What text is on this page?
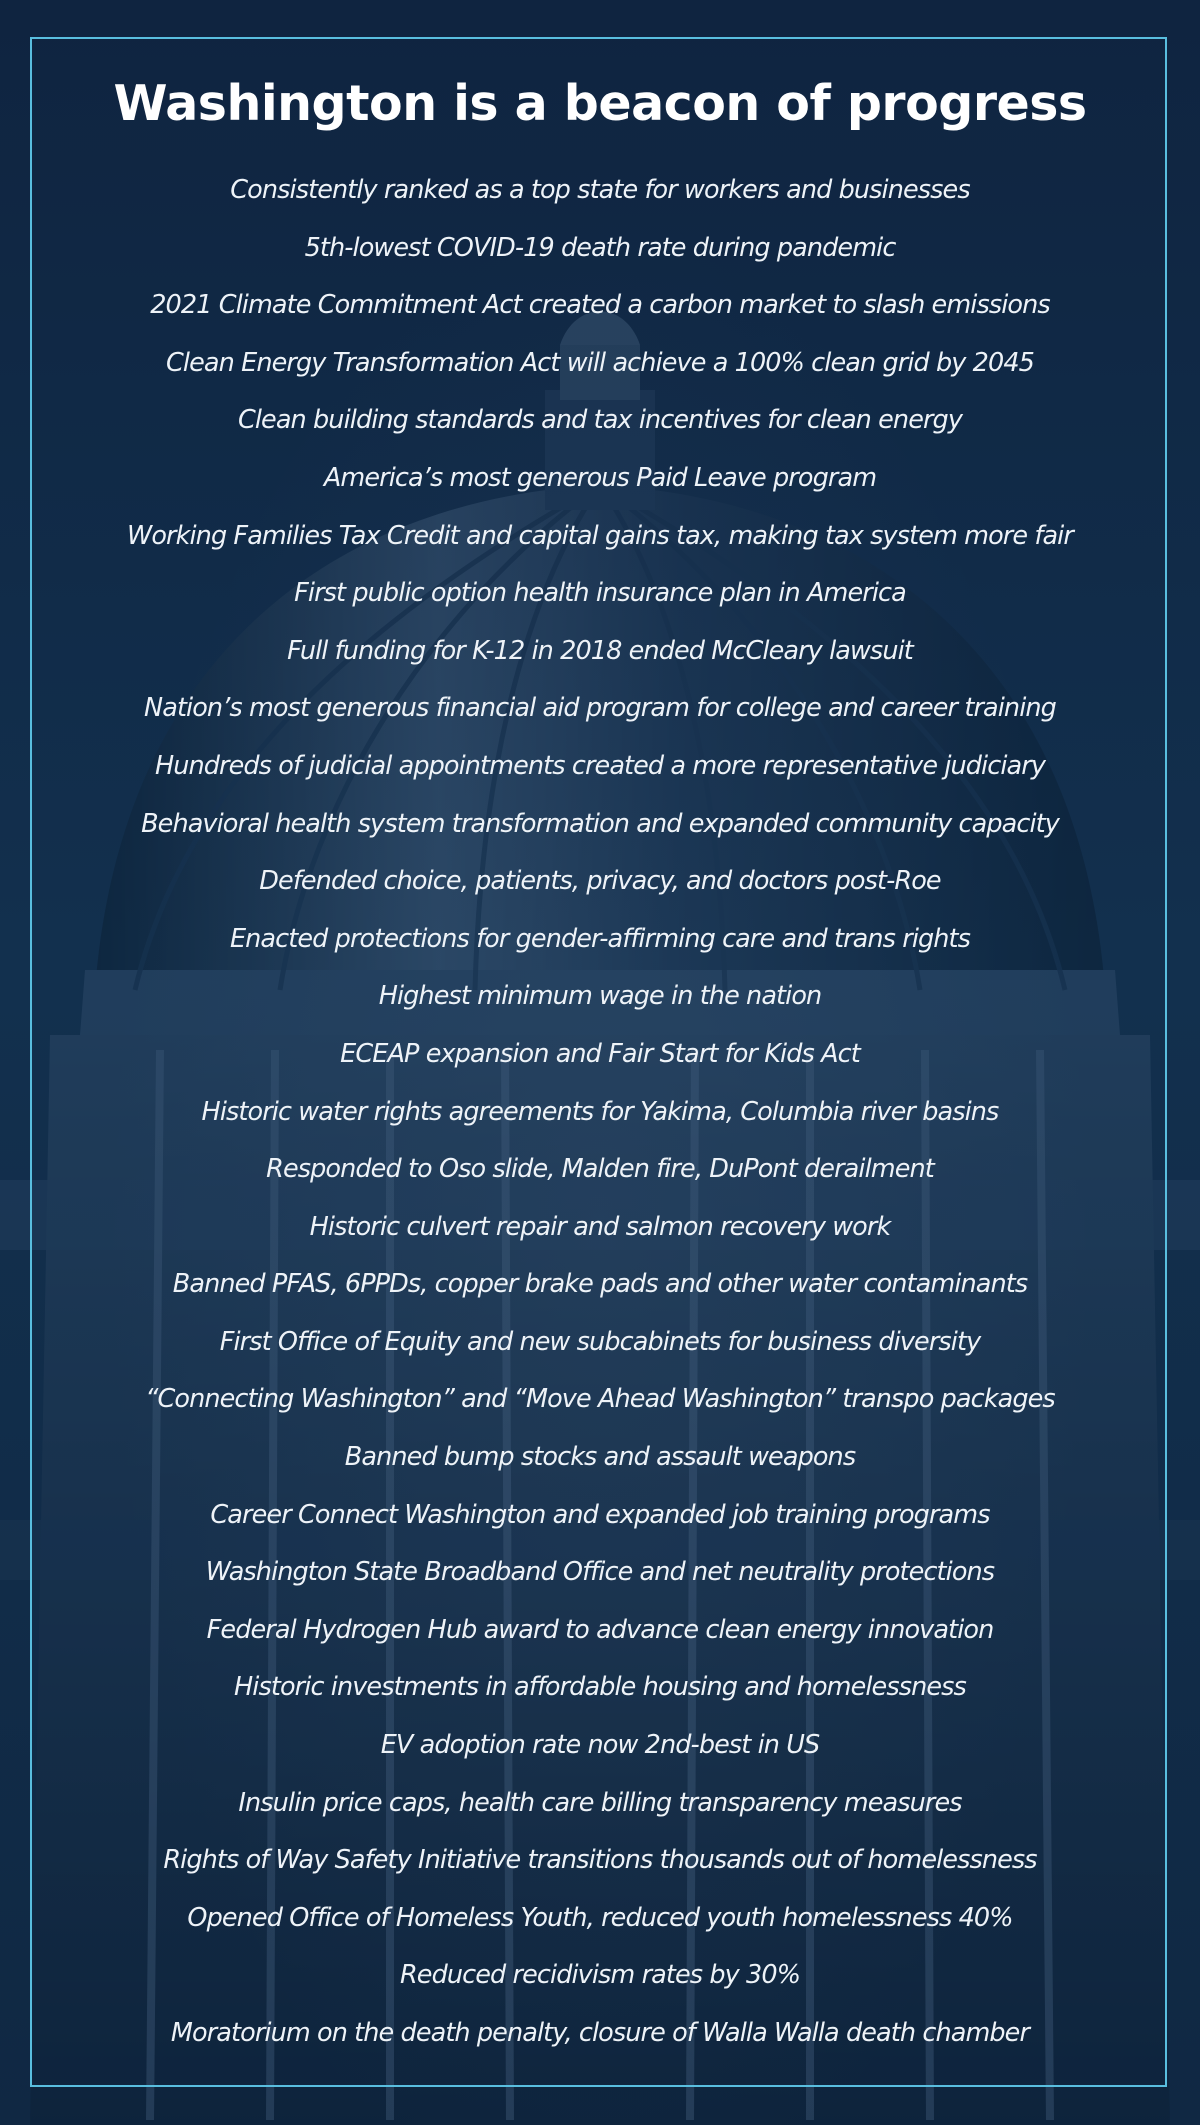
Washington is a beacon of progress
Consistently ranked as a top state for workers and businesses
5th-lowest COVID-19 death rate during pandemic
2021 Climate Commitment Act created a carbon market to slash emissions
Clean Energy Transformation Act will achieve a 100% clean grid by 2045
Clean building standards and tax incentives for clean energy
America’s most generous Paid Leave program
Working Families Tax Credit and capital gains tax, making tax system more fair
First public option health insurance plan in America
Full funding for K-12 in 2018 ended McCleary lawsuit
Nation’s most generous financial aid program for college and career training
Hundreds of judicial appointments created a more representative judiciary
Behavioral health system transformation and expanded community capacity
Defended choice, patients, privacy, and doctors post-Roe
Enacted protections for gender-affirming care and trans rights
Highest minimum wage in the nation
ECEAP expansion and Fair Start for Kids Act
Historic water rights agreements for Yakima, Columbia river basins
Responded to Oso slide, Malden fire, DuPont derailment
Historic culvert repair and salmon recovery work
Banned PFAS, 6PPDs, copper brake pads and other water contaminants
First Office of Equity and new subcabinets for business diversity
“Connecting Washington” and “Move Ahead Washington” transpo packages
Banned bump stocks and assault weapons
Career Connect Washington and expanded job training programs
Washington State Broadband Office and net neutrality protections
Federal Hydrogen Hub award to advance clean energy innovation
Historic investments in affordable housing and homelessness
EV adoption rate now 2nd-best in US
Insulin price caps, health care billing transparency measures
Rights of Way Safety Initiative transitions thousands out of homelessness
Opened Office of Homeless Youth, reduced youth homelessness 40%
Reduced recidivism rates by 30%
Moratorium on the death penalty, closure of Walla Walla death chamber
